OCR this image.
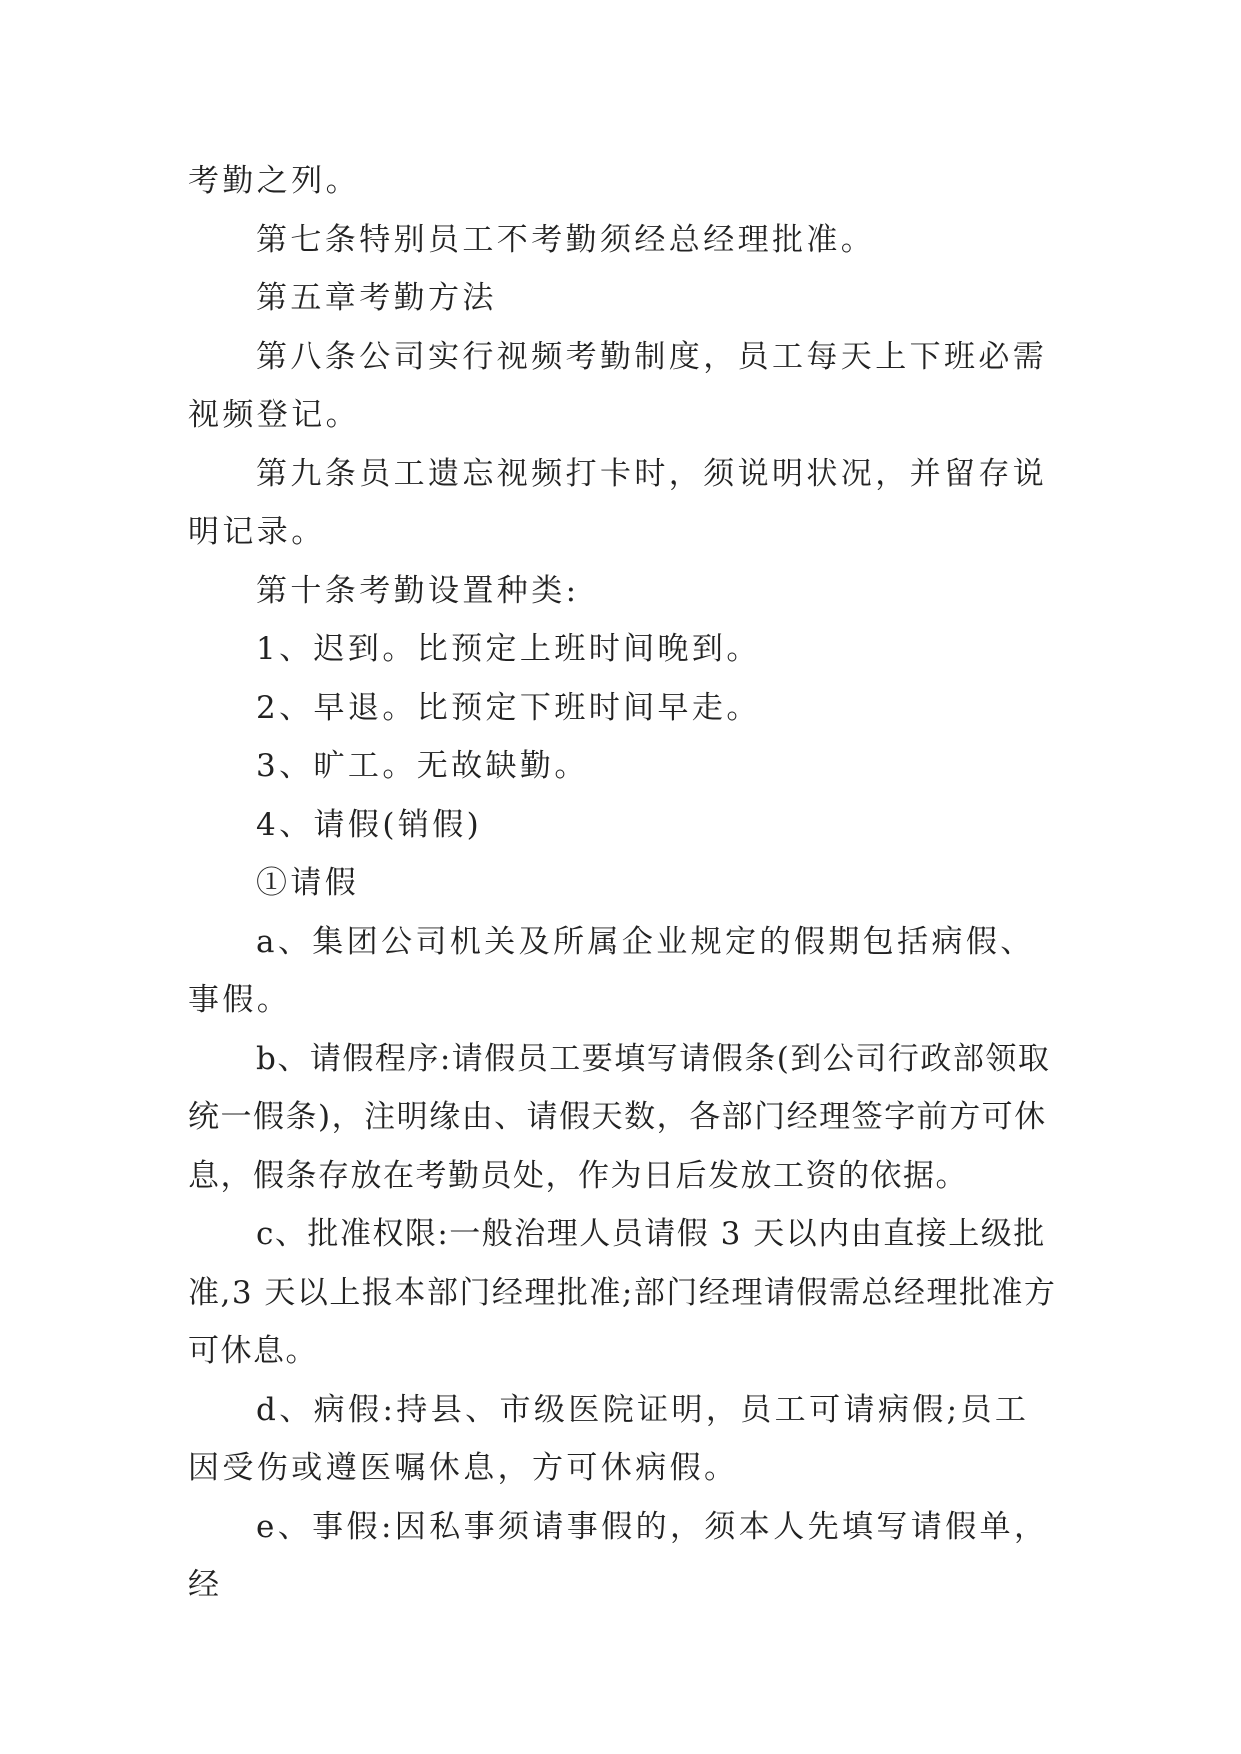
考勤之列。

第七条特别员工不考勤须经总经理批准。

第五章考勤方法

第八条公司实行视频考勤制度，员工每天上下班必需视频登记。

第九条员工遗忘视频打卡时，须说明状况，并留存说明记录。

第十条考勤设置种类:

1、迟到。比预定上班时间晚到。

2、早退。比预定下班时间早走。

3、旷工。无故缺勤。

4、请假(销假)

①请假

a、集团公司机关及所属企业规定的假期包括病假、事假。

b、请假程序:请假员工要填写请假条(到公司行政部领取统一假条)，注明缘由、请假天数，各部门经理签字前方可休息，假条存放在考勤员处，作为日后发放工资的依据。

c、批准权限:一般治理人员请假 3 天以内由直接上级批准,3 天以上报本部门经理批准;部门经理请假需总经理批准方可休息。

d、病假:持县、市级医院证明，员工可请病假;员工因受伤或遵医嘱休息，方可休病假。

e、事假:因私事须请事假的，须本人先填写请假单，经
